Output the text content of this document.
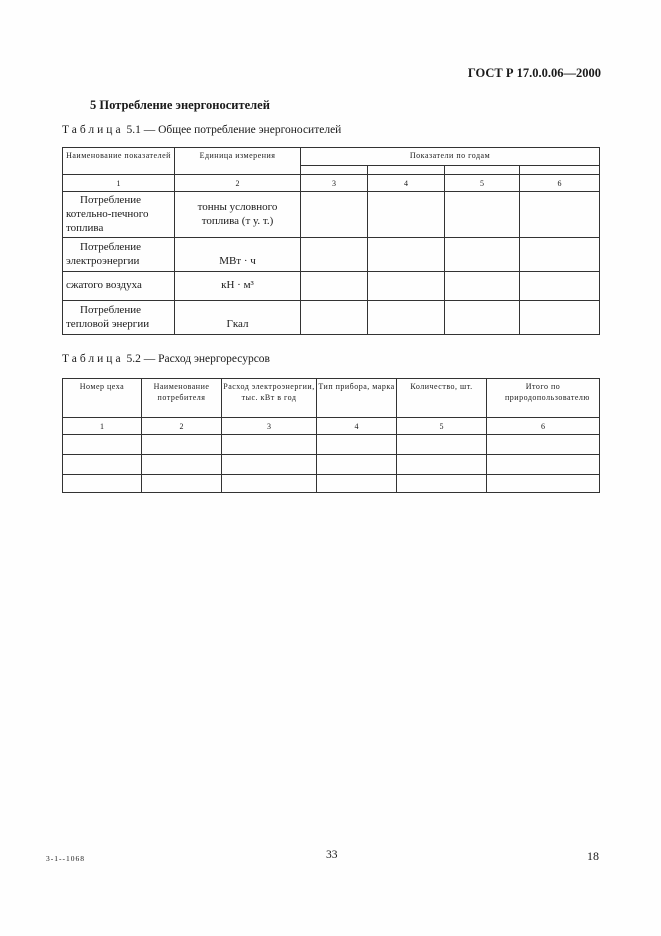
ГОСТ Р 17.0.0.06—2000
5 Потребление энергоносителей
Таблица 5.1 — Общее потребление энергоносителей
Наименование показателей	Единица измерения	Показатели по годам			

1	2	3	4	5	6
Потребление котельно-печного топлива	тонны условного топлива (т у. т.)				
Потребление электроэнергии	МВт · ч				
сжатого воздуха	кН · м³				
Потребление тепловой энергии	Гкал				
Таблица 5.2 — Расход энергоресурсов
Номер цеха	Наименование потребителя	Расход электроэнергии, тыс. кВт в год	Тип прибора, марка	Количество, шт.	Итого по природопользователю
1	2	3	4	5	6

3-1--1068	33	18
